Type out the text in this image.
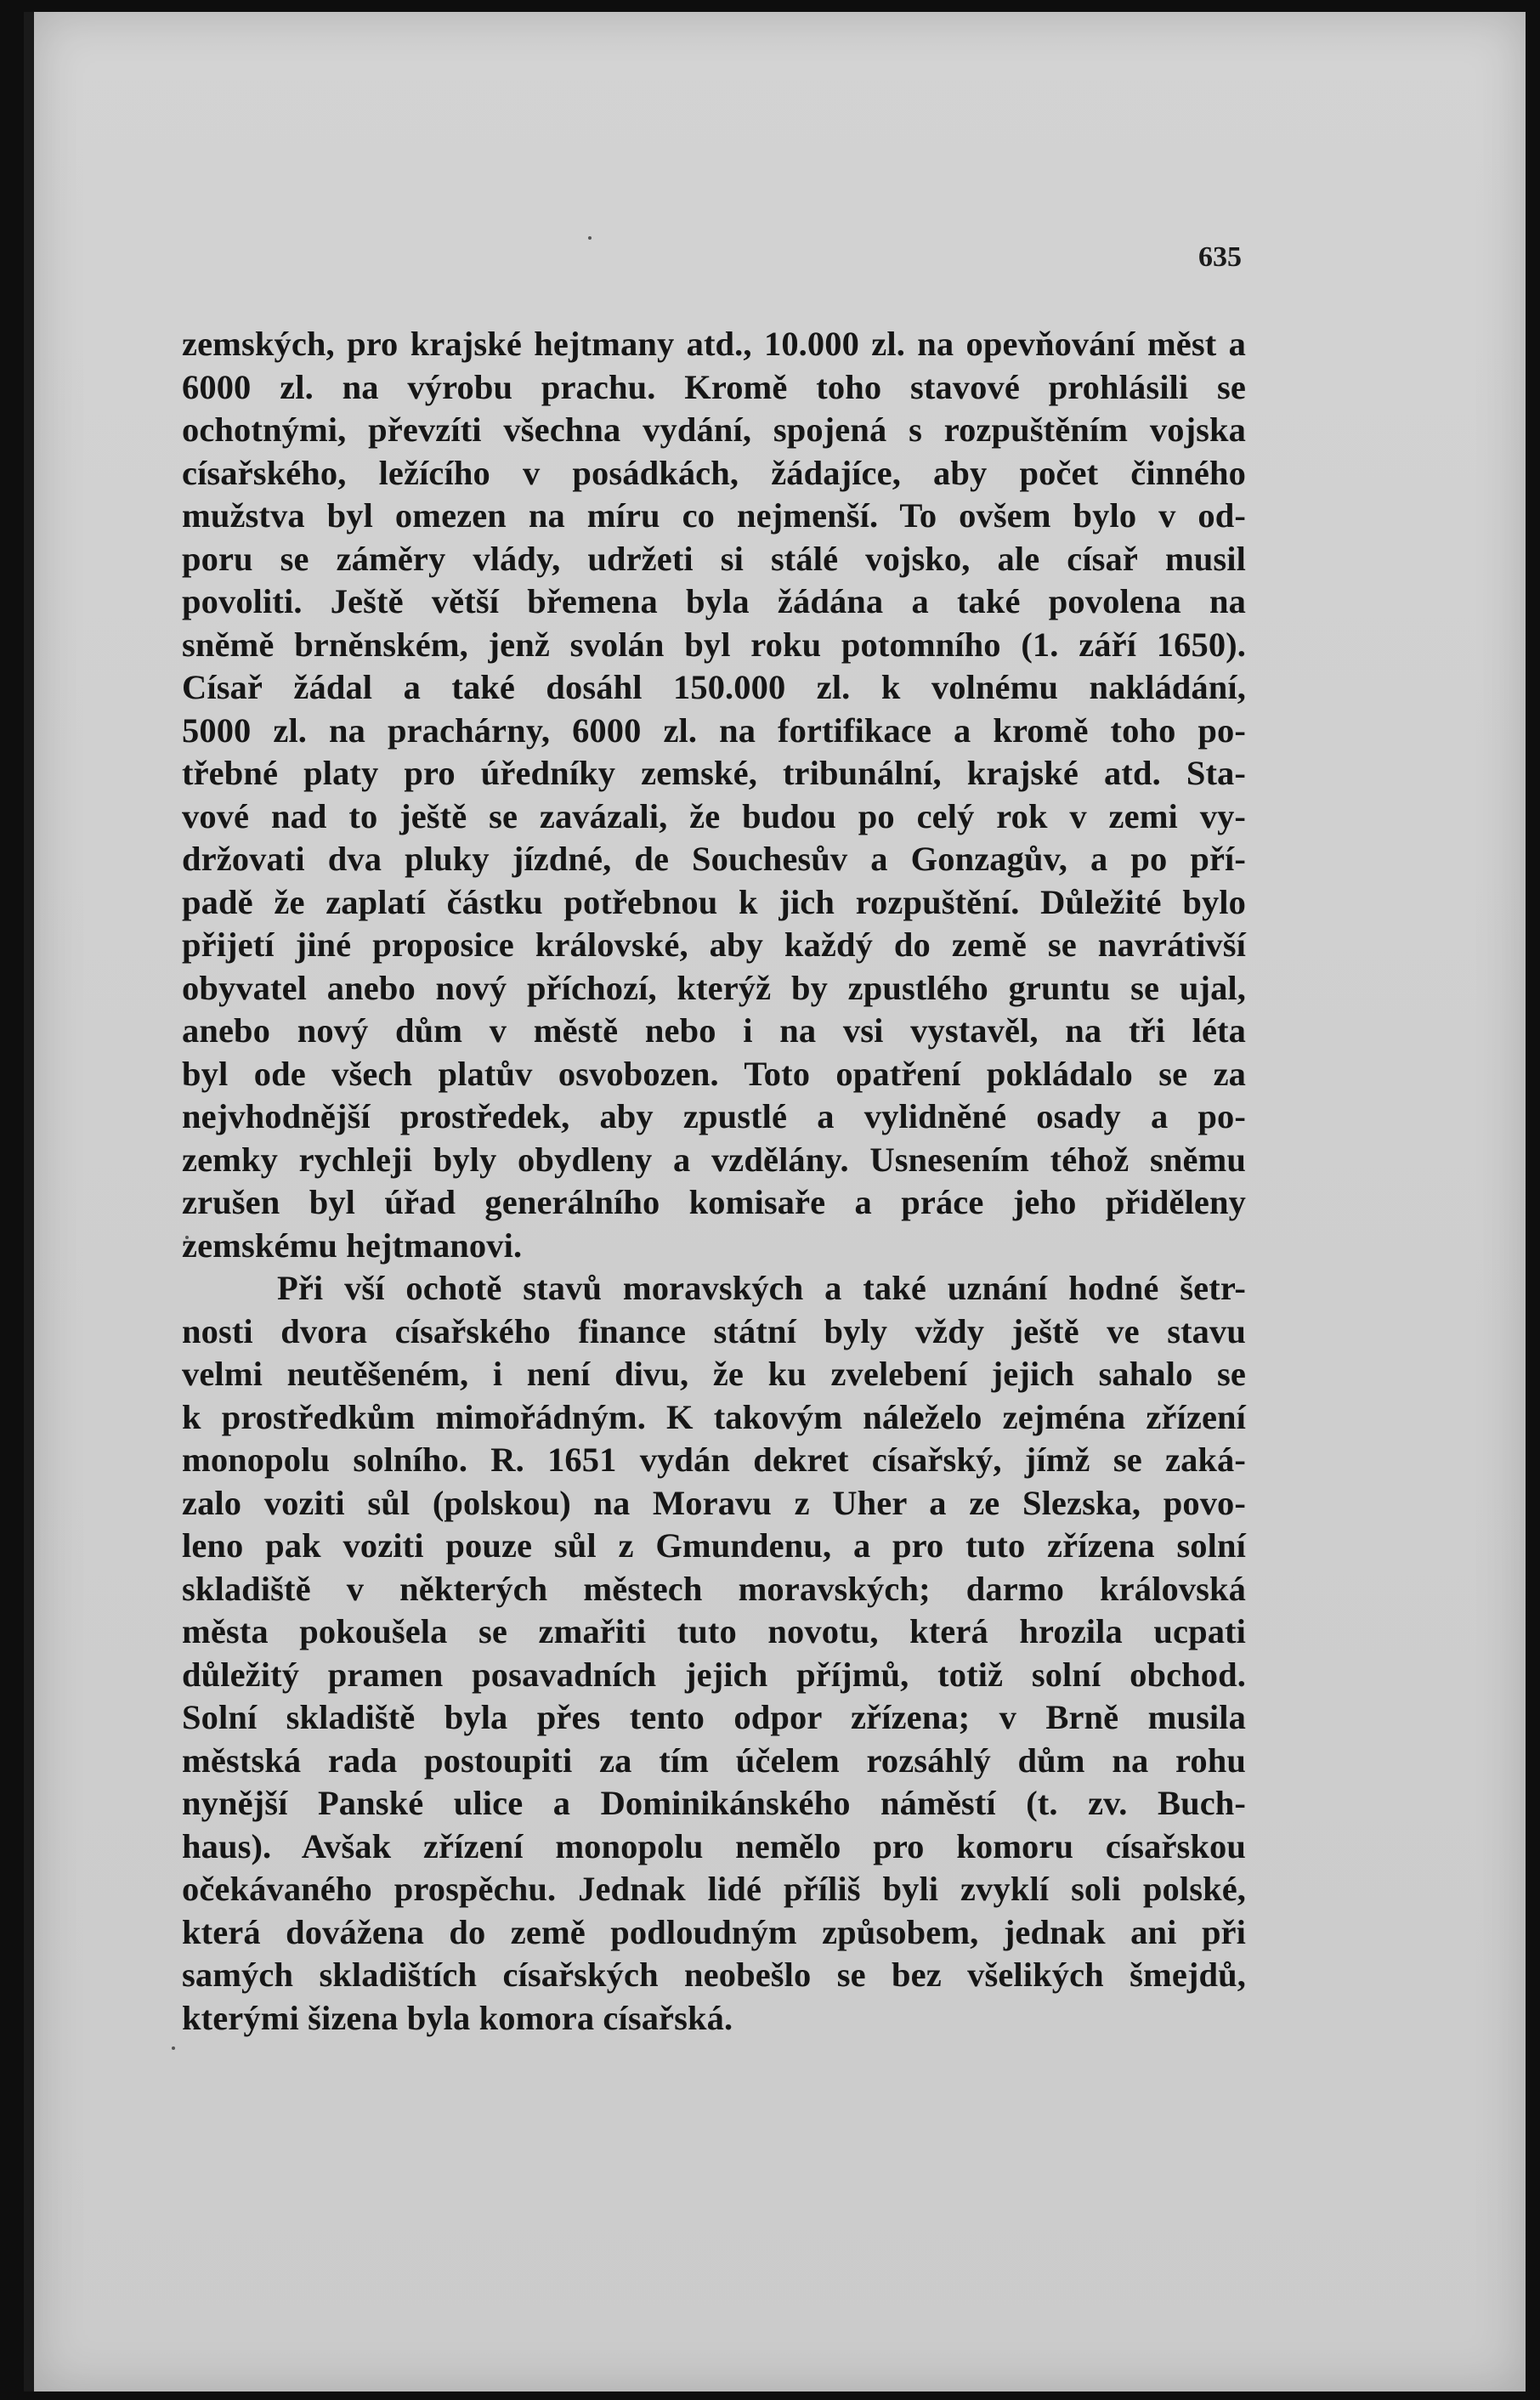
635
zemských, pro krajské hejtmany atd., 10.000 zl. na opevňování měst a
6000 zl. na výrobu prachu. Kromě toho stavové prohlásili se
ochotnými, převzíti všechna vydání, spojená s rozpuštěním vojska
císařského, ležícího v posádkách, žádajíce, aby počet činného
mužstva byl omezen na míru co nejmenší. To ovšem bylo v od-
poru se záměry vlády, udržeti si stálé vojsko, ale císař musil
povoliti. Ještě větší břemena byla žádána a také povolena na
sněmě brněnském, jenž svolán byl roku potomního (1. září 1650).
Císař žádal a také dosáhl 150.000 zl. k volnému nakládání,
5000 zl. na prachárny, 6000 zl. na fortifikace a kromě toho po-
třebné platy pro úředníky zemské, tribunální, krajské atd. Sta-
vové nad to ještě se zavázali, že budou po celý rok v zemi vy-
držovati dva pluky jízdné, de Souchesův a Gonzagův, a po pří-
padě že zaplatí částku potřebnou k jich rozpuštění. Důležité bylo
přijetí jiné proposice královské, aby každý do země se navrátivší
obyvatel anebo nový příchozí, kterýž by zpustlého gruntu se ujal,
anebo nový dům v městě nebo i na vsi vystavěl, na tři léta
byl ode všech platův osvobozen. Toto opatření pokládalo se za
nejvhodnější prostředek, aby zpustlé a vylidněné osady a po-
zemky rychleji byly obydleny a vzdělány. Usnesením téhož sněmu
zrušen byl úřad generálního komisaře a práce jeho přiděleny
zemskému hejtmanovi.
Při vší ochotě stavů moravských a také uznání hodné šetr-
nosti dvora císařského finance státní byly vždy ještě ve stavu
velmi neutěšeném, i není divu, že ku zvelebení jejich sahalo se
k prostředkům mimořádným. K takovým náleželo zejména zřízení
monopolu solního. R. 1651 vydán dekret císařský, jímž se zaká-
zalo voziti sůl (polskou) na Moravu z Uher a ze Slezska, povo-
leno pak voziti pouze sůl z Gmundenu, a pro tuto zřízena solní
skladiště v některých městech moravských; darmo královská
města pokoušela se zmařiti tuto novotu, která hrozila ucpati
důležitý pramen posavadních jejich příjmů, totiž solní obchod.
Solní skladiště byla přes tento odpor zřízena; v Brně musila
městská rada postoupiti za tím účelem rozsáhlý dům na rohu
nynější Panské ulice a Dominikánského náměstí (t. zv. Buch-
haus). Avšak zřízení monopolu nemělo pro komoru císařskou
očekávaného prospěchu. Jednak lidé příliš byli zvyklí soli polské,
která dovážena do země podloudným způsobem, jednak ani při
samých skladištích císařských neobešlo se bez všelikých šmejdů,
kterými šizena byla komora císařská.
